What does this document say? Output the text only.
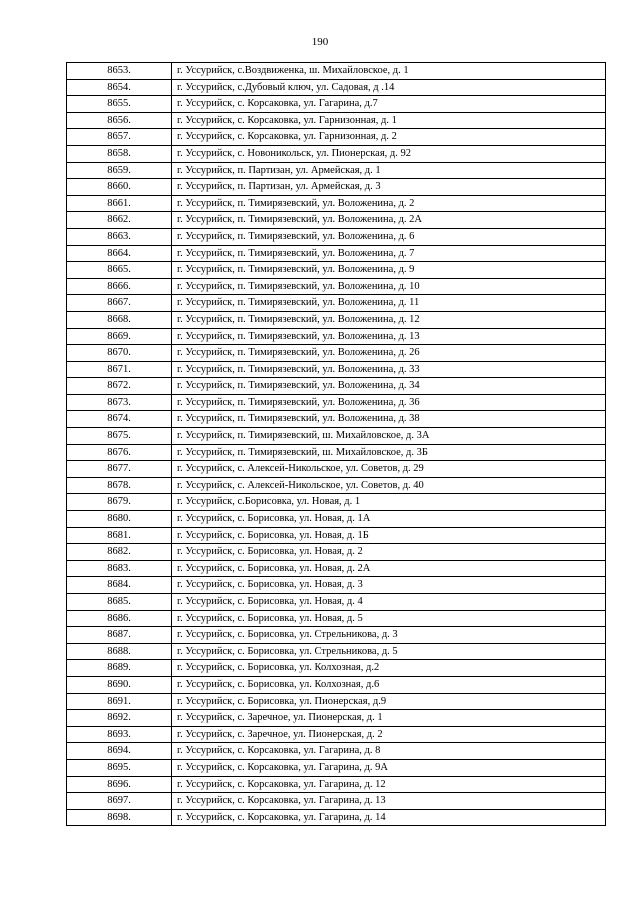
190
8653.	г. Уссурийск, с.Воздвиженка, ш. Михайловское, д. 1
8654.	г. Уссурийск, с.Дубовый ключ, ул. Садовая, д .14
8655.	г. Уссурийск, с. Корсаковка, ул. Гагарина, д.7
8656.	г. Уссурийск, с. Корсаковка, ул. Гарнизонная, д. 1
8657.	г. Уссурийск, с. Корсаковка, ул. Гарнизонная, д. 2
8658.	г. Уссурийск, с. Новоникольск, ул. Пионерская, д. 92
8659.	г. Уссурийск, п. Партизан, ул. Армейская, д. 1
8660.	г. Уссурийск, п. Партизан, ул. Армейская, д. 3
8661.	г. Уссурийск, п. Тимирязевский, ул. Воложенина, д. 2
8662.	г. Уссурийск, п. Тимирязевский, ул. Воложенина, д. 2А
8663.	г. Уссурийск, п. Тимирязевский, ул. Воложенина, д. 6
8664.	г. Уссурийск, п. Тимирязевский, ул. Воложенина, д. 7
8665.	г. Уссурийск, п. Тимирязевский, ул. Воложенина, д. 9
8666.	г. Уссурийск, п. Тимирязевский, ул. Воложенина, д. 10
8667.	г. Уссурийск, п. Тимирязевский, ул. Воложенина, д. 11
8668.	г. Уссурийск, п. Тимирязевский, ул. Воложенина, д. 12
8669.	г. Уссурийск, п. Тимирязевский, ул. Воложенина, д. 13
8670.	г. Уссурийск, п. Тимирязевский, ул. Воложенина, д. 26
8671.	г. Уссурийск, п. Тимирязевский, ул. Воложенина, д. 33
8672.	г. Уссурийск, п. Тимирязевский, ул. Воложенина, д. 34
8673.	г. Уссурийск, п. Тимирязевский, ул. Воложенина, д. 36
8674.	г. Уссурийск, п. Тимирязевский, ул. Воложенина, д. 38
8675.	г. Уссурийск, п. Тимирязевский, ш. Михайловское, д. 3А
8676.	г. Уссурийск, п. Тимирязевский, ш. Михайловское, д. 3Б
8677.	г. Уссурийск, с. Алексей-Никольское, ул. Советов, д. 29
8678.	г. Уссурийск, с. Алексей-Никольское, ул. Советов, д. 40
8679.	г. Уссурийск, с.Борисовка, ул. Новая, д. 1
8680.	г. Уссурийск, с. Борисовка, ул. Новая, д. 1А
8681.	г. Уссурийск, с. Борисовка, ул. Новая, д. 1Б
8682.	г. Уссурийск, с. Борисовка, ул. Новая, д. 2
8683.	г. Уссурийск, с. Борисовка, ул. Новая, д. 2А
8684.	г. Уссурийск, с. Борисовка, ул. Новая, д. 3
8685.	г. Уссурийск, с. Борисовка, ул. Новая, д. 4
8686.	г. Уссурийск, с. Борисовка, ул. Новая, д. 5
8687.	г. Уссурийск, с. Борисовка, ул. Стрельникова, д. 3
8688.	г. Уссурийск, с. Борисовка, ул. Стрельникова, д. 5
8689.	г. Уссурийск, с. Борисовка, ул. Колхозная, д.2
8690.	г. Уссурийск, с. Борисовка, ул. Колхозная, д.6
8691.	г. Уссурийск, с. Борисовка, ул. Пионерская, д.9
8692.	г. Уссурийск, с. Заречное, ул. Пионерская, д. 1
8693.	г. Уссурийск, с. Заречное, ул. Пионерская, д. 2
8694.	г. Уссурийск, с. Корсаковка, ул. Гагарина, д. 8
8695.	г. Уссурийск, с. Корсаковка, ул. Гагарина, д. 9А
8696.	г. Уссурийск, с. Корсаковка, ул. Гагарина, д. 12
8697.	г. Уссурийск, с. Корсаковка, ул. Гагарина, д. 13
8698.	г. Уссурийск, с. Корсаковка, ул. Гагарина, д. 14
